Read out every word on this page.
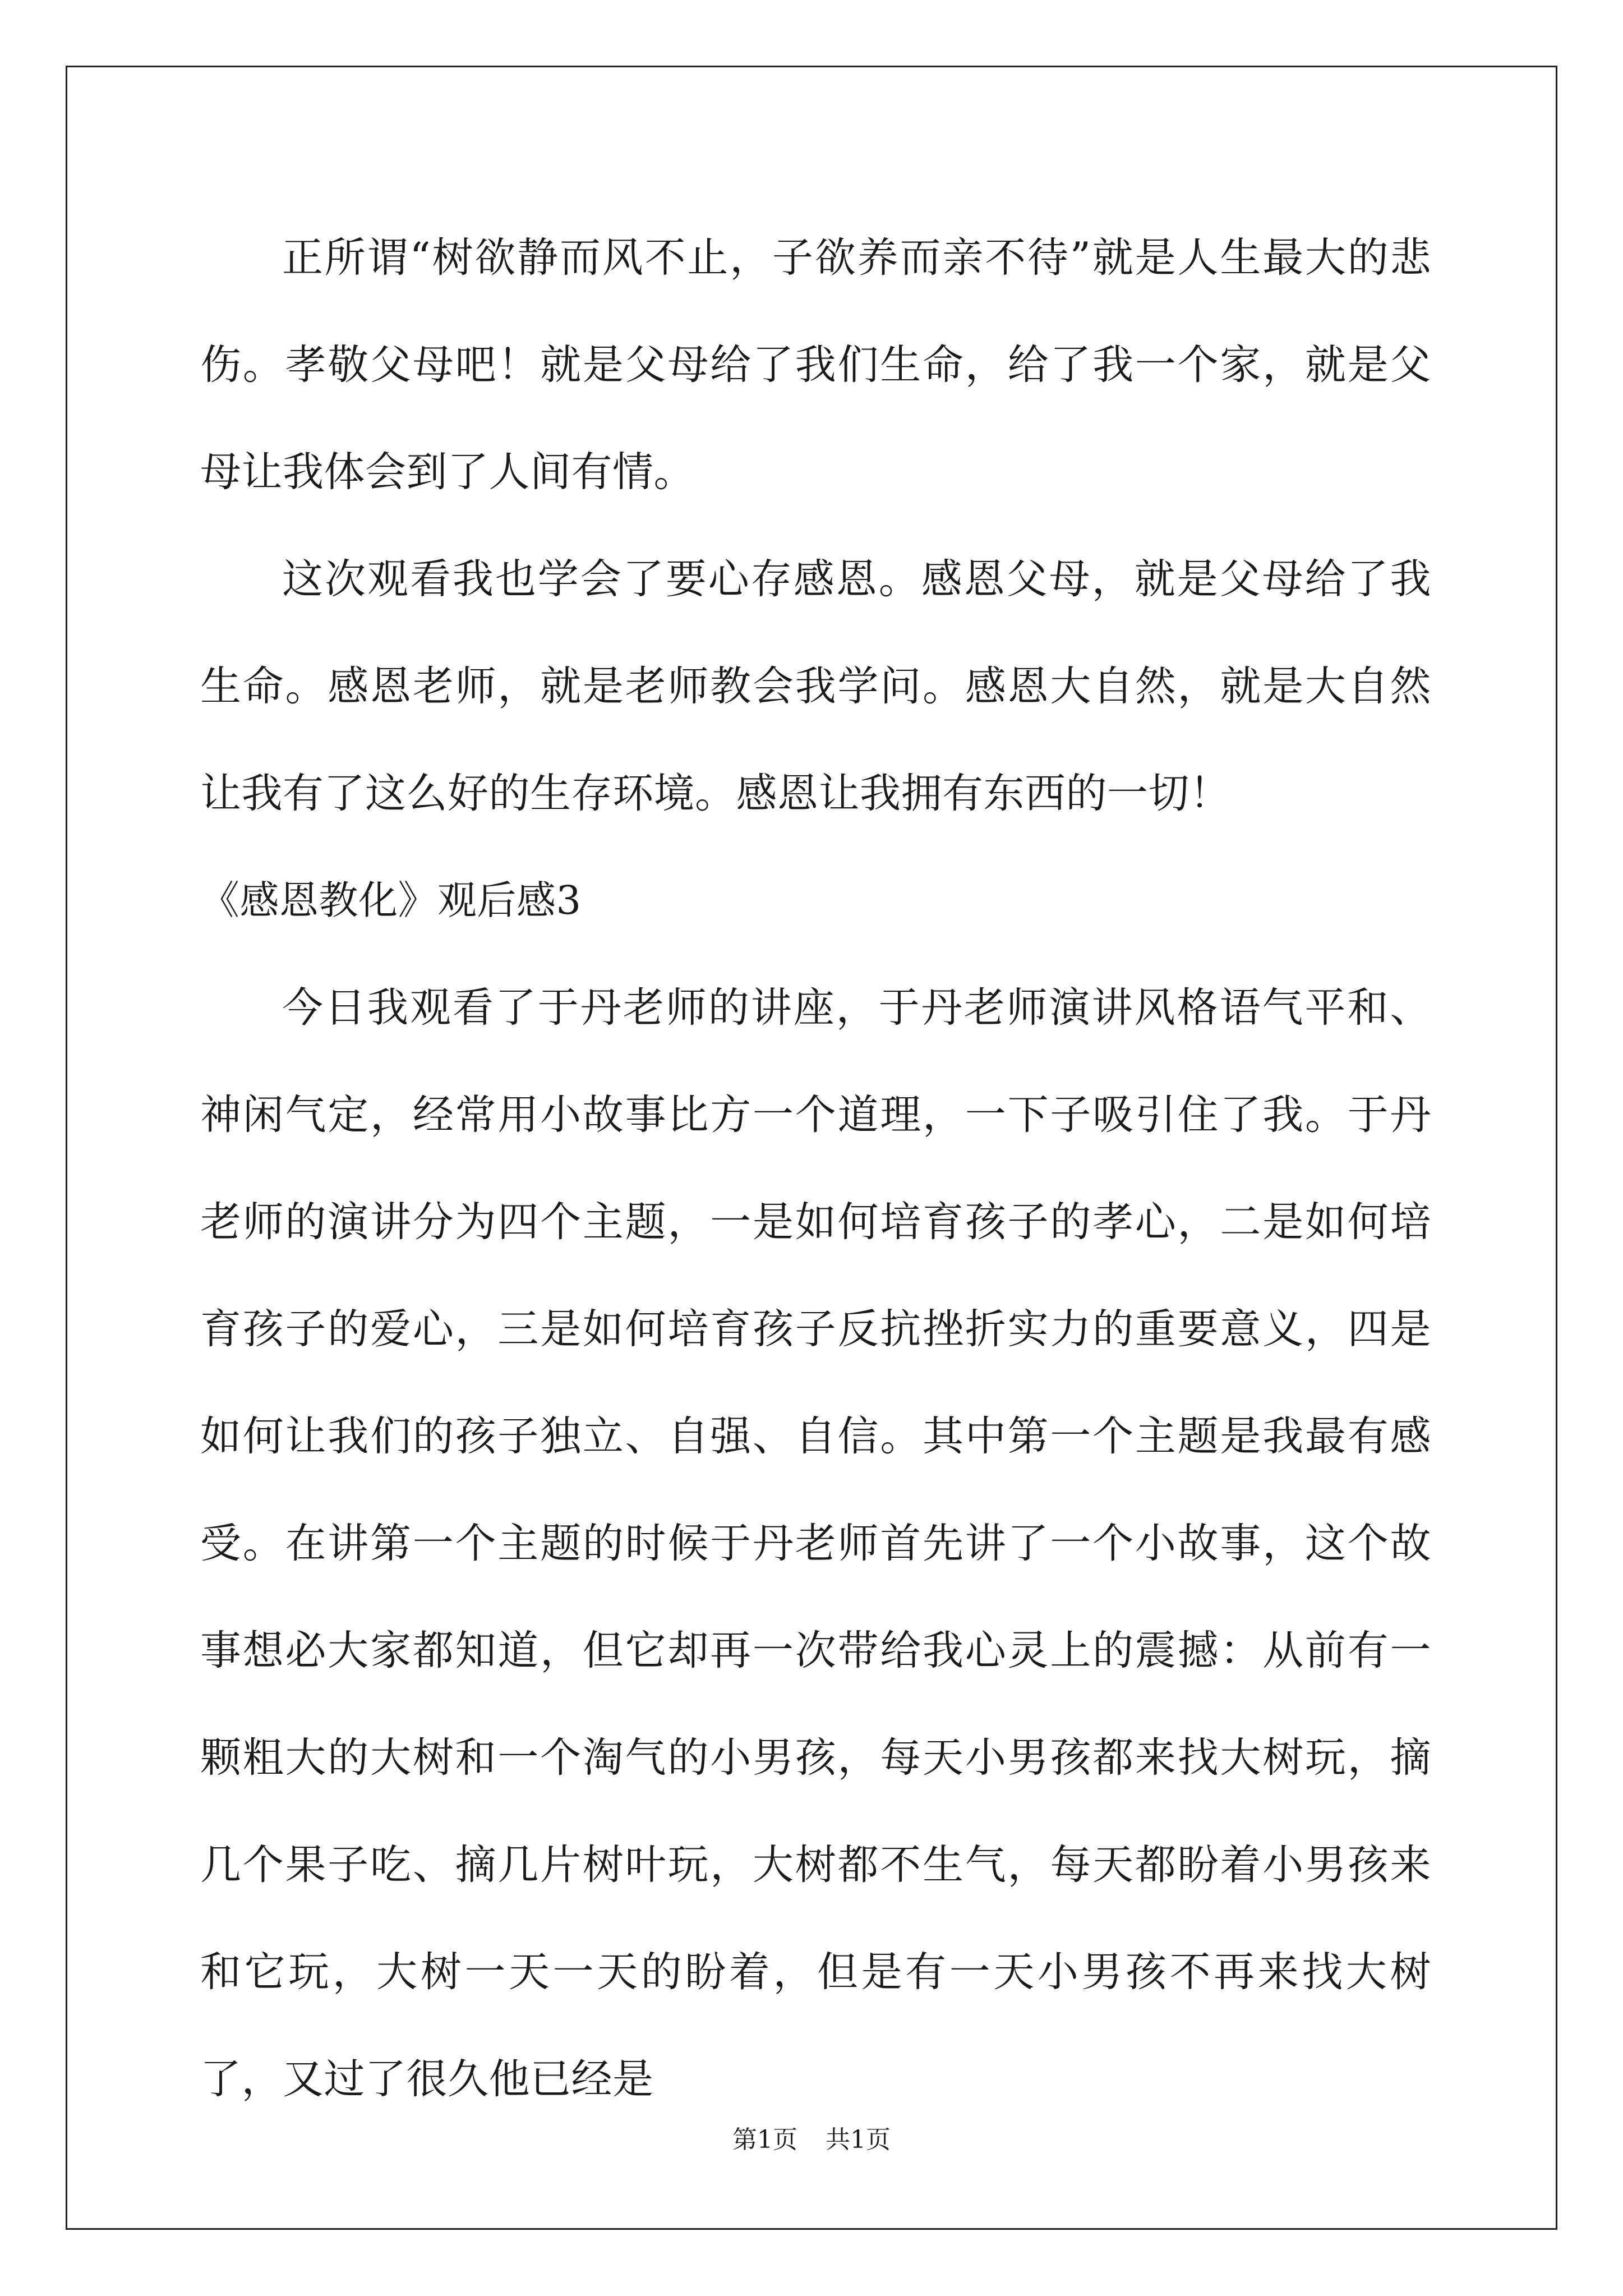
正所谓“树欲静而风不止，子欲养而亲不待”就是人生最大的悲伤。孝敬父母吧！就是父母给了我们生命，给了我一个家，就是父母让我体会到了人间有情。

这次观看我也学会了要心存感恩。感恩父母，就是父母给了我生命。感恩老师，就是老师教会我学问。感恩大自然，就是大自然让我有了这么好的生存环境。感恩让我拥有东西的一切！

《感恩教化》观后感3

今日我观看了于丹老师的讲座，于丹老师演讲风格语气平和、神闲气定，经常用小故事比方一个道理，一下子吸引住了我。于丹老师的演讲分为四个主题，一是如何培育孩子的孝心，二是如何培育孩子的爱心，三是如何培育孩子反抗挫折实力的重要意义，四是如何让我们的孩子独立、自强、自信。其中第一个主题是我最有感受。在讲第一个主题的时候于丹老师首先讲了一个小故事，这个故事想必大家都知道，但它却再一次带给我心灵上的震撼：从前有一颗粗大的大树和一个淘气的小男孩，每天小男孩都来找大树玩，摘几个果子吃、摘几片树叶玩，大树都不生气，每天都盼着小男孩来和它玩，大树一天一天的盼着，但是有一天小男孩不再来找大树了，又过了很久他已经是

第1页 共1页
